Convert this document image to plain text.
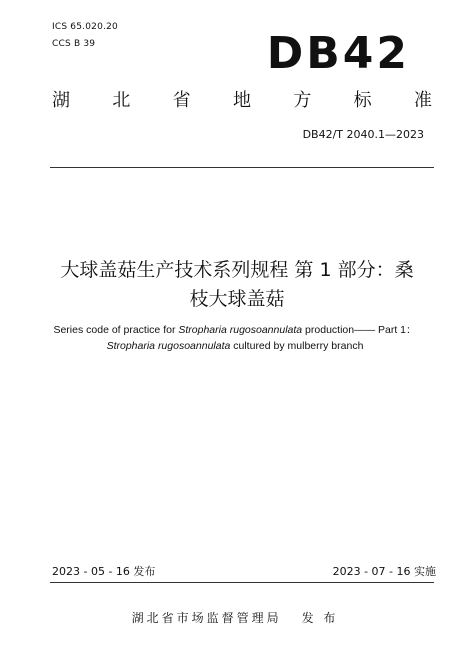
ICS 65.020.20
CCS B 39	DB42
湖 北 省 地 方 标 准
DB42/T 2040.1—2023
大球盖菇生产技术系列规程 第 1 部分：桑
枝大球盖菇
Series code of practice for Stropharia rugosoannulata production—— Part 1：
Stropharia rugosoannulata cultured by mulberry branch
2023 - 05 - 16 发布	2023 - 07 - 16 实施
湖北省市场监督管理局 发 布
